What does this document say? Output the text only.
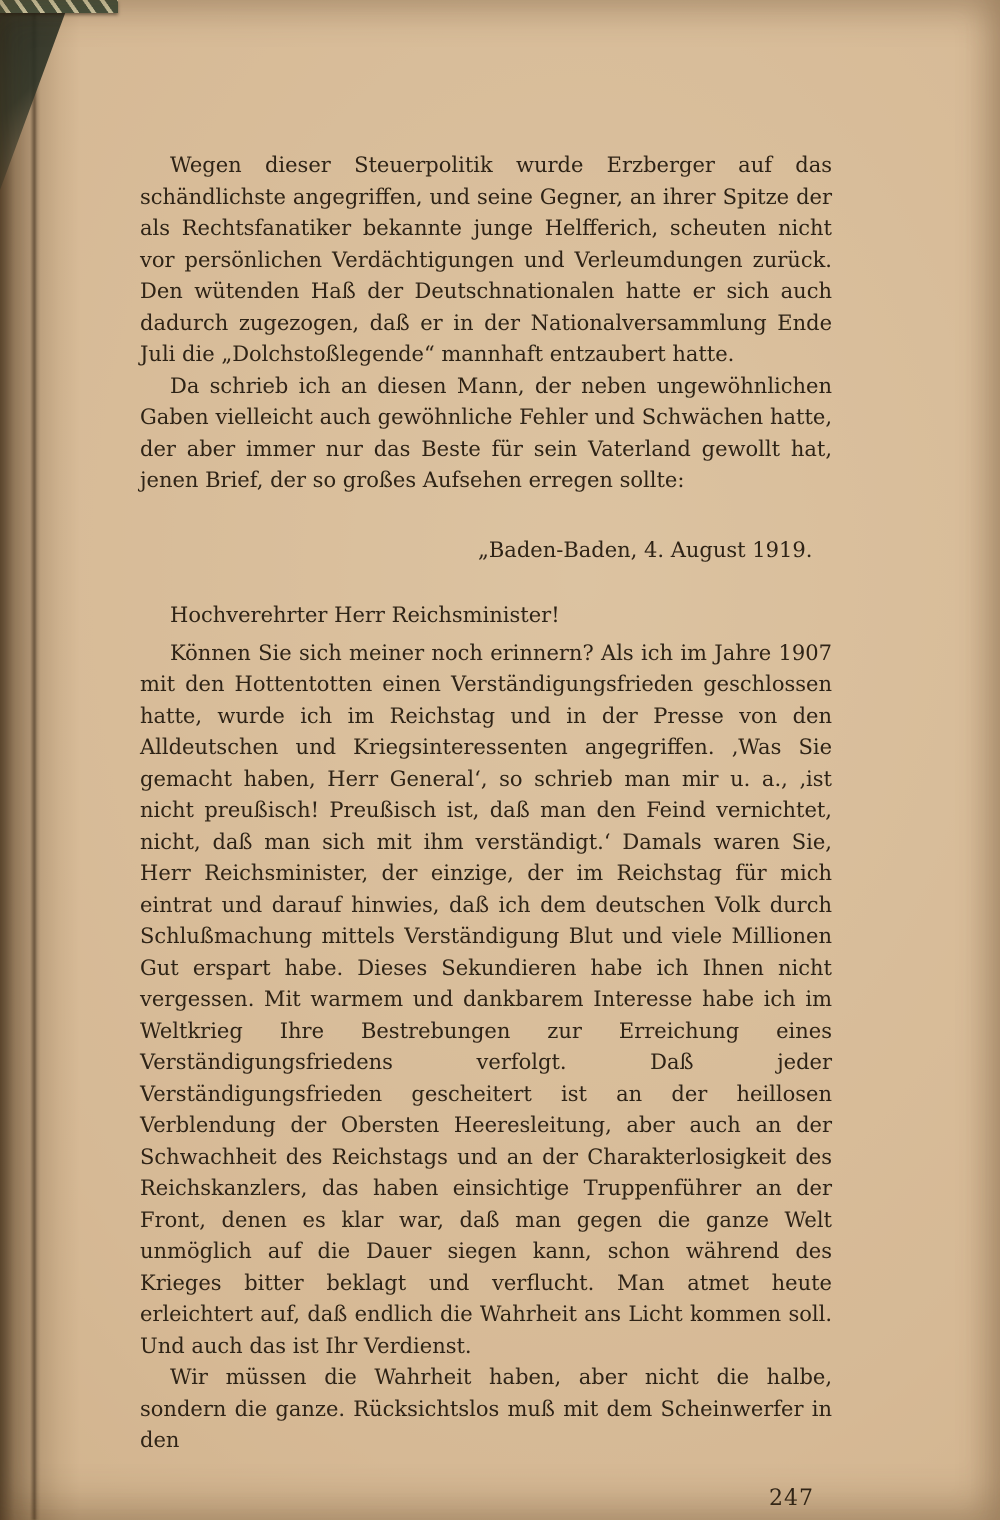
Wegen dieser Steuerpolitik wurde Erzberger auf das schändlichste angegriffen, und seine Gegner, an ihrer Spitze der als Rechtsfanatiker bekannte junge Helfferich, scheuten nicht vor persönlichen Verdächtigungen und Verleumdungen zurück. Den wütenden Haß der Deutschnationalen hatte er sich auch dadurch zugezogen, daß er in der Nationalversammlung Ende Juli die „Dolchstoßlegende“ mannhaft entzaubert hatte.

Da schrieb ich an diesen Mann, der neben ungewöhnlichen Gaben vielleicht auch gewöhnliche Fehler und Schwächen hatte, der aber immer nur das Beste für sein Vaterland gewollt hat, jenen Brief, der so großes Aufsehen erregen sollte:

„Baden-Baden, 4. August 1919.

Hochverehrter Herr Reichsminister!

Können Sie sich meiner noch erinnern? Als ich im Jahre 1907 mit den Hottentotten einen Verständigungsfrieden geschlossen hatte, wurde ich im Reichstag und in der Presse von den Alldeutschen und Kriegsinteressenten angegriffen. ‚Was Sie gemacht haben, Herr General‘, so schrieb man mir u. a., ‚ist nicht preußisch! Preußisch ist, daß man den Feind vernichtet, nicht, daß man sich mit ihm verständigt.‘ Damals waren Sie, Herr Reichsminister, der einzige, der im Reichstag für mich eintrat und darauf hinwies, daß ich dem deutschen Volk durch Schlußmachung mittels Verständigung Blut und viele Millionen Gut erspart habe. Dieses Sekundieren habe ich Ihnen nicht vergessen. Mit warmem und dankbarem Interesse habe ich im Weltkrieg Ihre Bestrebungen zur Erreichung eines Verständigungsfriedens verfolgt. Daß jeder Verständigungsfrieden gescheitert ist an der heillosen Verblendung der Obersten Heeresleitung, aber auch an der Schwachheit des Reichstags und an der Charakterlosigkeit des Reichskanzlers, das haben einsichtige Truppenführer an der Front, denen es klar war, daß man gegen die ganze Welt unmöglich auf die Dauer siegen kann, schon während des Krieges bitter beklagt und verflucht. Man atmet heute erleichtert auf, daß endlich die Wahrheit ans Licht kommen soll. Und auch das ist Ihr Verdienst.

Wir müssen die Wahrheit haben, aber nicht die halbe, sondern die ganze. Rücksichtslos muß mit dem Scheinwerfer in den

247
